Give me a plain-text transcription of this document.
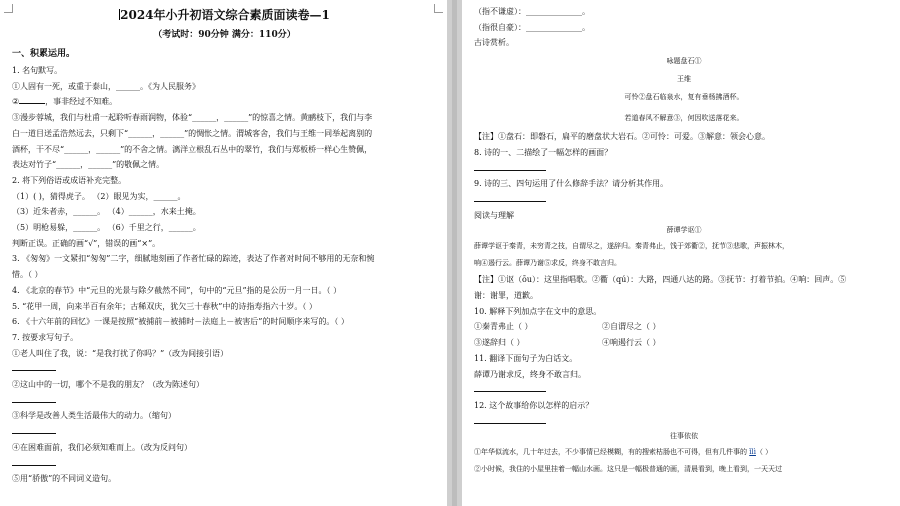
2024年小升初语文综合素质面读卷—1
（考试时：90分钟 满分：110分）
一、积累运用。

1. 名句默写。

①人固有一死，或重于泰山，______。《为人民服务》

②	，事非经过不知难。

③漫步蓉城，我们与杜甫一起聆听春雨润物，体验“______，______”的惊喜之情。黄鹂枝下，我们与李

白一道目送孟浩然远去，只剩下“______，______”的惆怅之情。渭城客舍，我们与王维一同举起离别的

酒杯，干不尽“______，______”的不舍之情。漓洋立根乱石丛中的翠竹，我们与郑板桥一样心生赞佩，

表达对竹子“______，______”的敬佩之情。

2. 将下列俗语或成语补充完整。

（1）( )，猜得虎子。 （2）眼见为实，______。

（3）近朱者赤，______。 （4）______，水来土掩。

（5）明枪易躲，______。 （6）千里之行，______。

判断正误。正确的画“√”，错误的画“×”。

3. 《匆匆》一文紧扣“匆匆”二字，细腻地刻画了作者忙碌的踪迹，表达了作者对时间不够用的无奈和惋

惜。（ ）

4. 《北京的春节》中“元旦的光景与除夕截然不同”，句中的“元旦”指的是公历一月一日。（ ）

5. “花甲一周，向来半百有余年；古稀双庆，犹欠三十春秋”中的诗指寿指六十岁。（ ）

6. 《十六年前的回忆》一课是按照“被捕前－被捕时－法庭上－被害后”的时间顺序来写的。（ ）

7. 按要求写句子。

①老人叫住了我，说：“是我打扰了你吗？”（改为间接引语）

②这山中的一切，哪个不是我的朋友？（改为陈述句）

③科学是改善人类生活最伟大的动力。（缩句）

④在困难面前，我们必须知难而上。（改为反问句）

⑤用“骄傲”的不同词义造句。

（指不谦虚）：______________。

（指很自豪）：______________。

古诗赏析。

咏题盘石①

王维

可怜②盘石临泉水，复有垂杨拂酒杯。

若道春风不解意③，何因吹送落花来。

【注】①盘石：即磐石，扁平的磨盘状大岩石。②可怜：可爱。③解意：领会心意。

8. 诗的一、二描绘了一幅怎样的画面？

9. 诗的三、四句运用了什么修辞手法？请分析其作用。

阅读与理解

薛谭学讴①

薛谭学讴于秦青，未穷青之技，自谓尽之，遂辞归。秦青弗止，饯于郊衢②，抚节③悲歌，声振林木，

响④遏行云。薛谭乃谢⑤求反，终身不敢言归。

【注】①讴（ōu）：这里指唱歌。②衢（qú）：大路，四通八达的路。③抚节：打着节拍。④响：回声。⑤

谢：谢罪，道歉。

10. 解释下列加点字在文中的意思。

①秦青弗止（ ）	②自谓尽之（ ）

③遂辞归（ ）	④响遏行云（ ）

11. 翻译下面句子为白话文。

薛谭乃谢求反，终身不敢言归。

12. 这个故事给你以怎样的启示？

往事依依

①年华似流水，几十年过去，不少事情已经模糊，有的搜索枯肠也不可得，但有几件事的 ǐlì（ ）

②小时候，我住的小屋里挂着一幅山水画。这只是一幅极普通的画，清晨看到，晚上看到，一天天过
